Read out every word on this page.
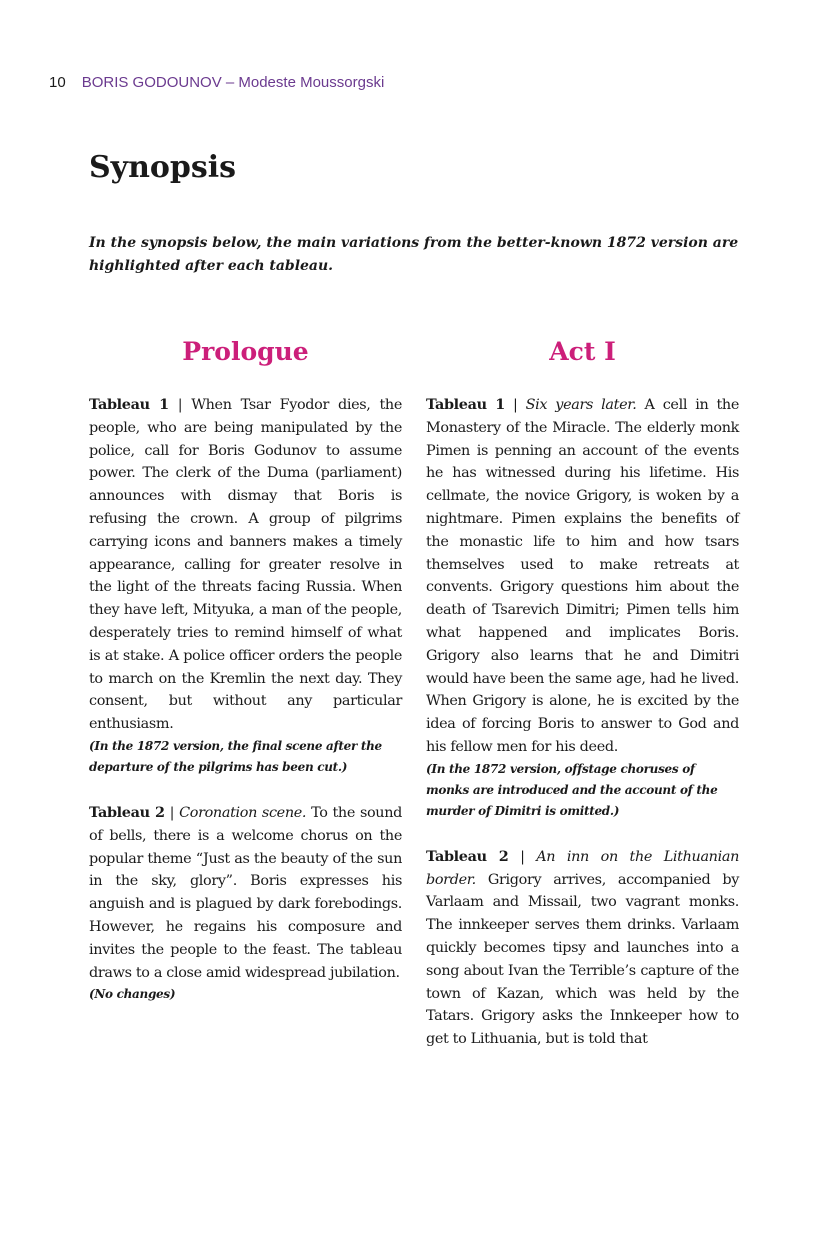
10 BORIS GODOUNOV – Modeste Moussorgski
Synopsis

In the synopsis below, the main variations from the better-known 1872 version are highlighted after each tableau.

Prologue

Tableau 1 | When Tsar Fyodor dies, the people, who are being manipulated by the police, call for Boris Godunov to assume power. The clerk of the Duma (parliament) announces with dismay that Boris is refusing the crown. A group of pilgrims carrying icons and banners makes a timely appearance, calling for greater resolve in the light of the threats facing Russia. When they have left, Mityuka, a man of the people, desperately tries to remind himself of what is at stake. A police officer orders the people to march on the Kremlin the next day. They consent, but without any particular enthusiasm.

(In the 1872 version, the final scene after the departure of the pilgrims has been cut.)

Tableau 2 | Coronation scene. To the sound of bells, there is a welcome chorus on the popular theme “Just as the beauty of the sun in the sky, glory”. Boris expresses his anguish and is plagued by dark forebodings. However, he regains his composure and invites the people to the feast. The tableau draws to a close amid widespread jubilation.

(No changes)

Act I

Tableau 1 | Six years later. A cell in the Monastery of the Miracle. The elderly monk Pimen is penning an account of the events he has witnessed during his lifetime. His cellmate, the novice Grigory, is woken by a nightmare. Pimen explains the benefits of the monastic life to him and how tsars themselves used to make retreats at convents. Grigory questions him about the death of Tsarevich Dimitri; Pimen tells him what happened and implicates Boris. Grigory also learns that he and Dimitri would have been the same age, had he lived. When Grigory is alone, he is excited by the idea of forcing Boris to answer to God and his fellow men for his deed.

(In the 1872 version, offstage choruses of monks are introduced and the account of the murder of Dimitri is omitted.)

Tableau 2 | An inn on the Lithuanian border. Grigory arrives, accompanied by Varlaam and Missail, two vagrant monks. The innkeeper serves them drinks. Varlaam quickly becomes tipsy and launches into a song about Ivan the Terrible’s capture of the town of Kazan, which was held by the Tatars. Grigory asks the Innkeeper how to get to Lithuania, but is told that
